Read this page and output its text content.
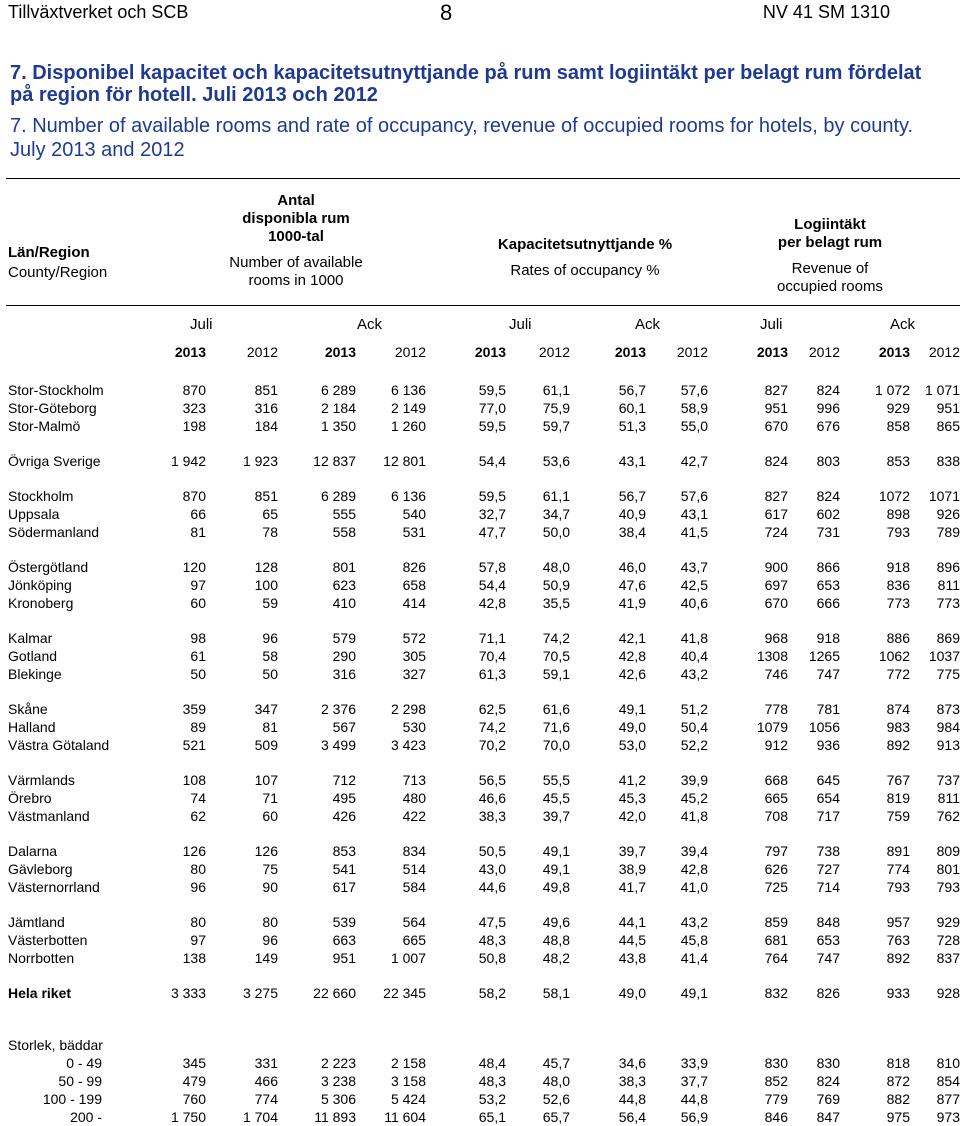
Tillväxtverket och SCB	8	NV 41 SM 1310
7. Disponibel kapacitet och kapacitetsutnyttjande på rum samt logiintäkt per belagt rum fördelat på region för hotell. Juli 2013 och 2012
7. Number of available rooms and rate of occupancy, revenue of occupied rooms for hotels, by county. July 2013 and 2012
Län/Region
County/Region
Antal
disponibla rum
1000-tal

Number of available
rooms in 1000
Kapacitetsutnyttjande %

Rates of occupancy %
Logiintäkt
per belagt rum

Revenue of
occupied rooms
Juli	Ack	Juli	Ack	Juli	Ack
	2013	2012	2013	2012	2013	2012	2013	2012	2013	2012	2013	2012

Stor-Stockholm	870	851	6 289	6 136	59,5	61,1	56,7	57,6	827	824	1 072	1 071
Stor-Göteborg	323	316	2 184	2 149	77,0	75,9	60,1	58,9	951	996	929	951
Stor-Malmö	198	184	1 350	1 260	59,5	59,7	51,3	55,0	670	676	858	865

Övriga Sverige	1 942	1 923	12 837	12 801	54,4	53,6	43,1	42,7	824	803	853	838

Stockholm	870	851	6 289	6 136	59,5	61,1	56,7	57,6	827	824	1072	1071
Uppsala	66	65	555	540	32,7	34,7	40,9	43,1	617	602	898	926
Södermanland	81	78	558	531	47,7	50,0	38,4	41,5	724	731	793	789

Östergötland	120	128	801	826	57,8	48,0	46,0	43,7	900	866	918	896
Jönköping	97	100	623	658	54,4	50,9	47,6	42,5	697	653	836	811
Kronoberg	60	59	410	414	42,8	35,5	41,9	40,6	670	666	773	773

Kalmar	98	96	579	572	71,1	74,2	42,1	41,8	968	918	886	869
Gotland	61	58	290	305	70,4	70,5	42,8	40,4	1308	1265	1062	1037
Blekinge	50	50	316	327	61,3	59,1	42,6	43,2	746	747	772	775

Skåne	359	347	2 376	2 298	62,5	61,6	49,1	51,2	778	781	874	873
Halland	89	81	567	530	74,2	71,6	49,0	50,4	1079	1056	983	984
Västra Götaland	521	509	3 499	3 423	70,2	70,0	53,0	52,2	912	936	892	913

Värmlands	108	107	712	713	56,5	55,5	41,2	39,9	668	645	767	737
Örebro	74	71	495	480	46,6	45,5	45,3	45,2	665	654	819	811
Västmanland	62	60	426	422	38,3	39,7	42,0	41,8	708	717	759	762

Dalarna	126	126	853	834	50,5	49,1	39,7	39,4	797	738	891	809
Gävleborg	80	75	541	514	43,0	49,1	38,9	42,8	626	727	774	801
Västernorrland	96	90	617	584	44,6	49,8	41,7	41,0	725	714	793	793

Jämtland	80	80	539	564	47,5	49,6	44,1	43,2	859	848	957	929
Västerbotten	97	96	663	665	48,3	48,8	44,5	45,8	681	653	763	728
Norrbotten	138	149	951	1 007	50,8	48,2	43,8	41,4	764	747	892	837

Hela riket	3 333	3 275	22 660	22 345	58,2	58,1	49,0	49,1	832	826	933	928

Storlek, bäddar												
0 - 49	345	331	2 223	2 158	48,4	45,7	34,6	33,9	830	830	818	810
50 - 99	479	466	3 238	3 158	48,3	48,0	38,3	37,7	852	824	872	854
100 - 199	760	774	5 306	5 424	53,2	52,6	44,8	44,8	779	769	882	877
200 -	1 750	1 704	11 893	11 604	65,1	65,7	56,4	56,9	846	847	975	973
